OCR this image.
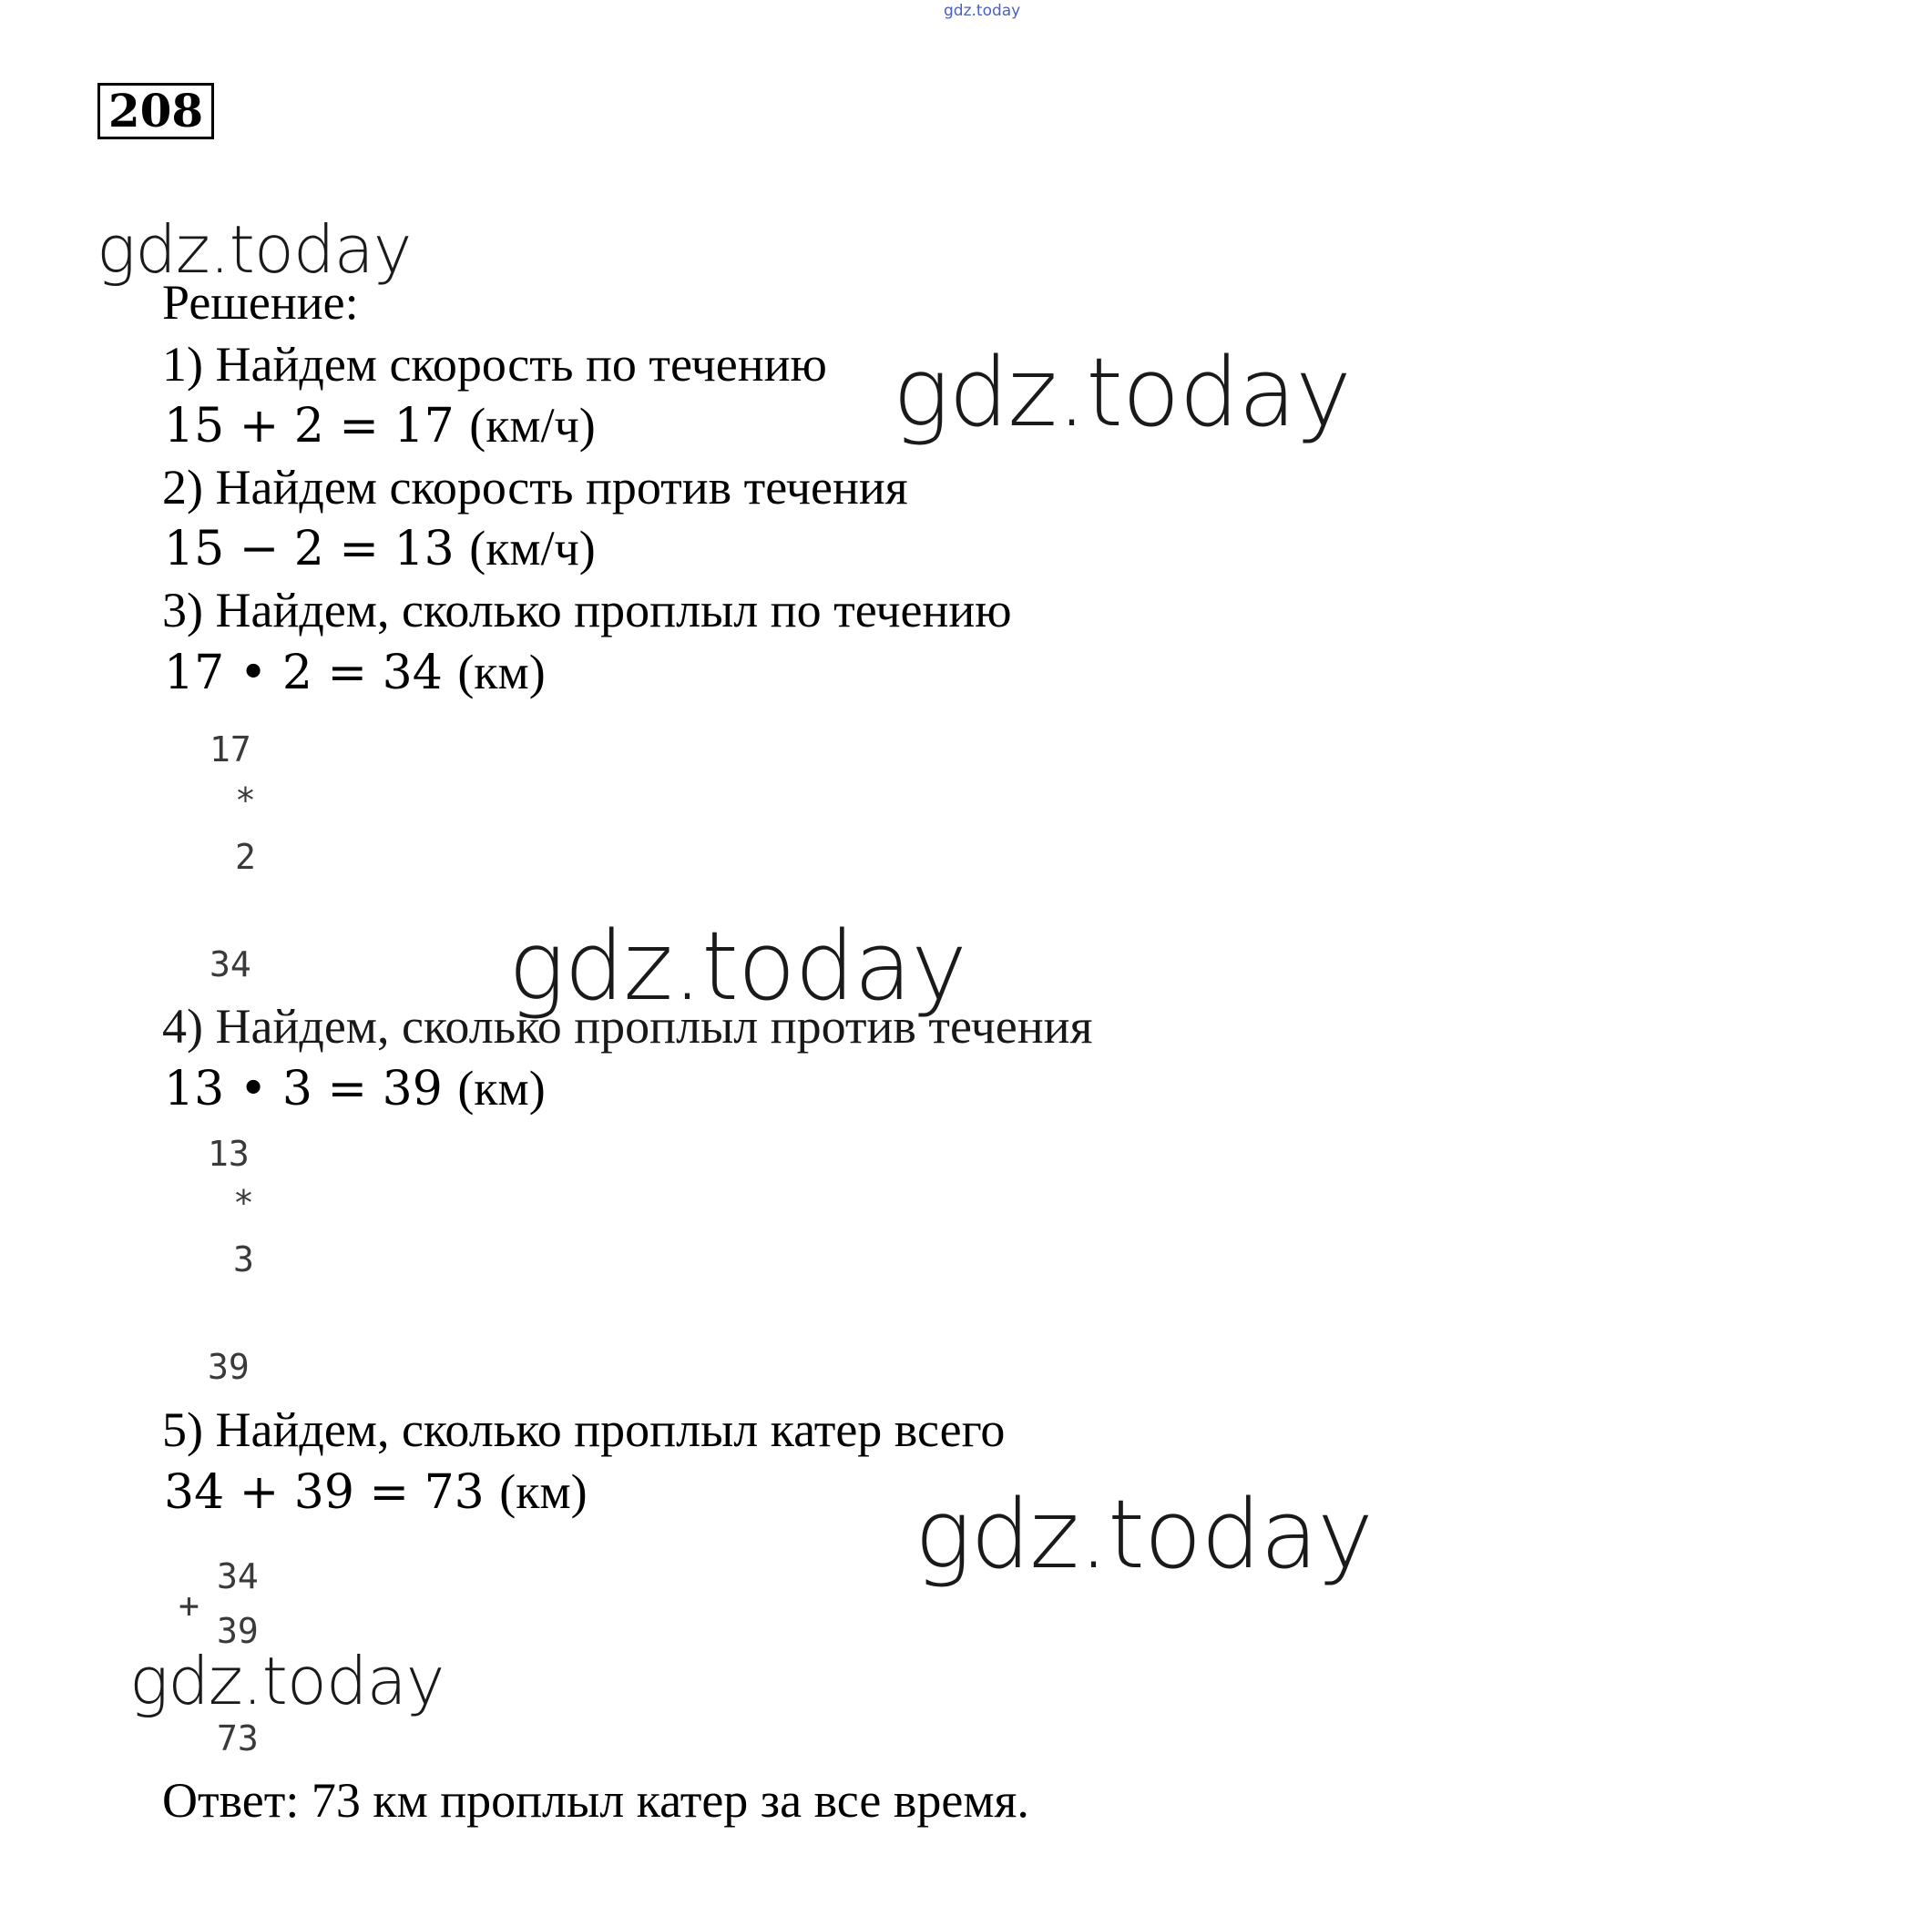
gdz.today
208
gdz.today
gdz.today
gdz.today
gdz.today
gdz.today
Решение:
1) Найдем скорость по течению
15 + 2 = 17 (км/ч)
2) Найдем скорость против течения
15 − 2 = 13 (км/ч)
3) Найдем, сколько проплыл по течению
17 • 2 = 34 (км)
17
*
2
34
4) Найдем, сколько проплыл против течения
13 • 3 = 39 (км)
13
*
3
39
5) Найдем, сколько проплыл катер всего
34 + 39 = 73 (км)
34
+
39
73
Ответ: 73 км проплыл катер за все время.
